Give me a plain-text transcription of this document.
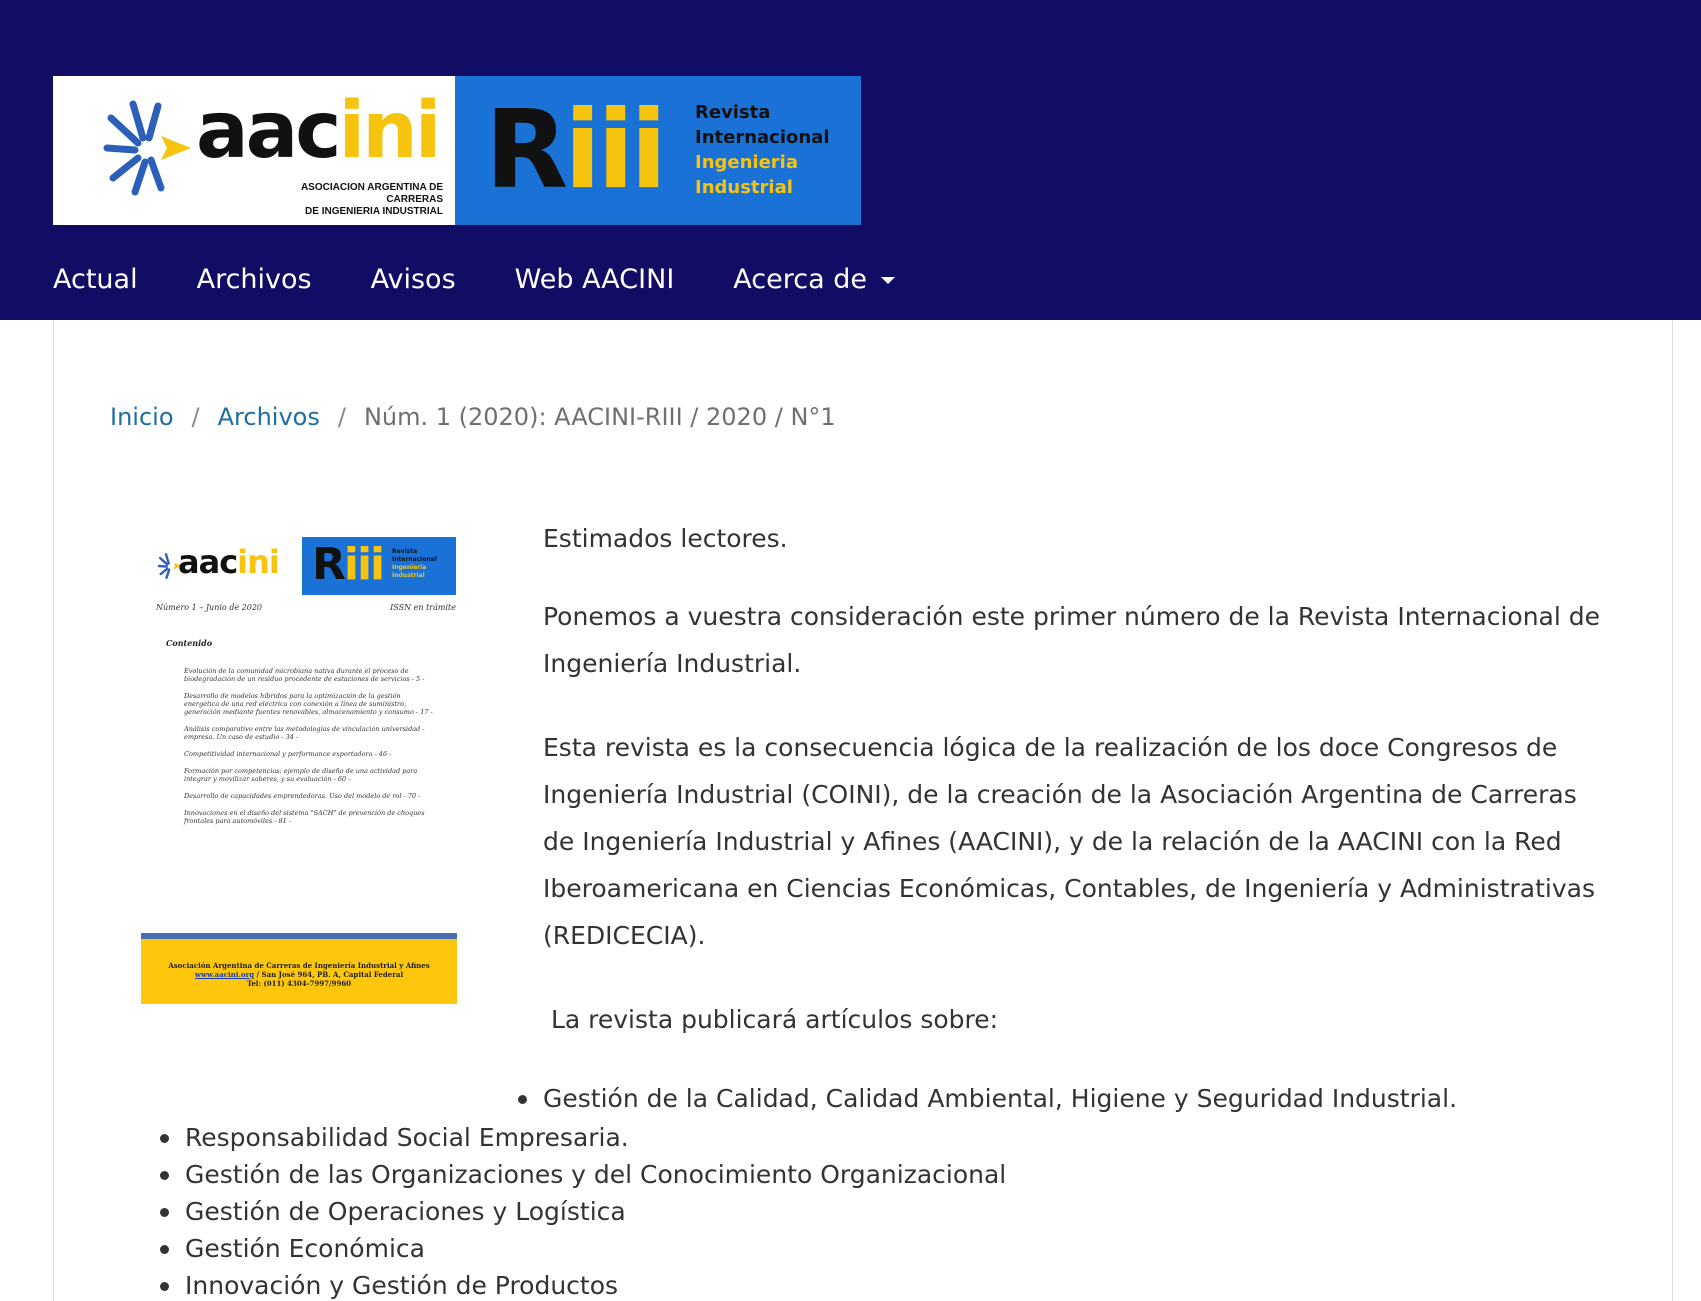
aacini
ASOCIACION ARGENTINA DE CARRERAS
DE INGENIERIA INDUSTRIAL Riii Revista
Internacional
Ingenieria
Industrial
Actual Archivos Avisos Web AACINI Acerca de
Inicio / Archivos / Núm. 1 (2020): AACINI-RIII / 2020 / N°1
aacini Riii Revista
Internacional
Ingenieria
Industrial
Número 1 – Junio de 2020	ISSN en trámite
Contenido
Evolución de la comunidad microbiana nativa durante el proceso de biodegradación de un residuo procedente de estaciones de servicios - 5 -
Desarrollo de modelos híbridos para la optimización de la gestión energética de una red eléctrica con conexión a línea de suministro, generación mediante fuentes renovables, almacenamiento y consumo - 17 -
Análisis comparativo entre las metodologías de vinculación universidad - empresa. Un caso de estudio - 34 -
Competitividad internacional y performance exportadora - 46 -
Formación por competencias: ejemplo de diseño de una actividad para integrar y movilizar saberes, y su evaluación - 60 -
Desarrollo de capacidades emprendedoras. Uso del modelo de rol - 70 -
Innovaciones en el diseño del sistema "SACH" de prevención de choques frontales para automóviles - 81 -
Asociación Argentina de Carreras de Ingeniería Industrial y Afines
www.aacini.org / San José 964, PB. A, Capital Federal
Tel: (011) 4304-7997/9960

Estimados lectores.

Ponemos a vuestra consideración este primer número de la Revista Internacional de Ingeniería Industrial.

Esta revista es la consecuencia lógica de la realización de los doce Congresos de Ingeniería Industrial (COINI), de la creación de la Asociación Argentina de Carreras de Ingeniería Industrial y Afines (AACINI), y de la relación de la AACINI con la Red Iberoamericana en Ciencias Económicas, Contables, de Ingeniería y Administrativas (REDICECIA).

La revista publicará artículos sobre:

Gestión de la Calidad, Calidad Ambiental, Higiene y Seguridad Industrial.
Responsabilidad Social Empresaria.
Gestión de las Organizaciones y del Conocimiento Organizacional
Gestión de Operaciones y Logística
Gestión Económica
Innovación y Gestión de Productos
